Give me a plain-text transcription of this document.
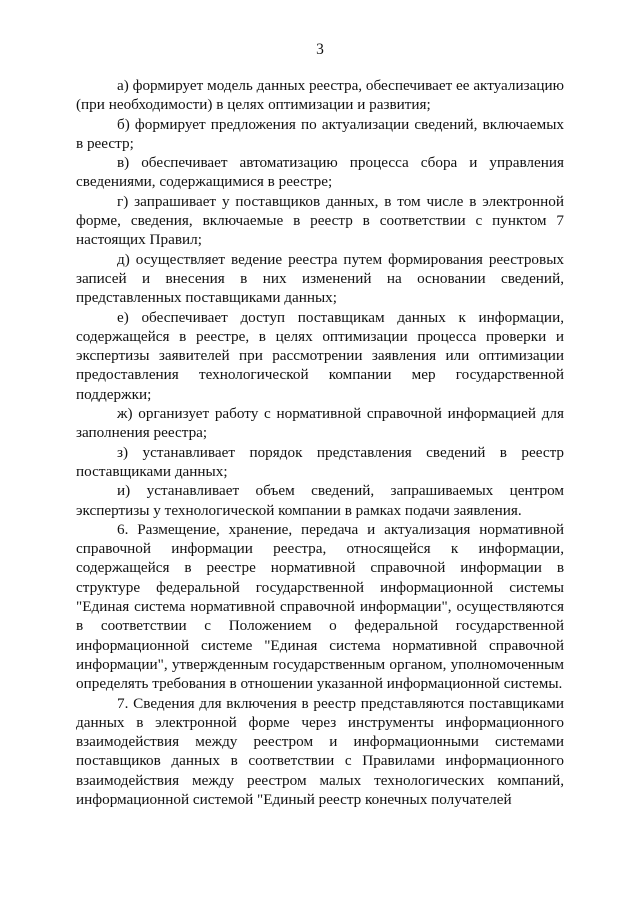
3

а) формирует модель данных реестра, обеспечивает ее актуализацию (при необходимости) в целях оптимизации и развития;

б) формирует предложения по актуализации сведений, включаемых в реестр;

в) обеспечивает автоматизацию процесса сбора и управления сведениями, содержащимися в реестре;

г) запрашивает у поставщиков данных, в том числе в электронной форме, сведения, включаемые в реестр в соответствии с пунктом 7 настоящих Правил;

д) осуществляет ведение реестра путем формирования реестровых записей и внесения в них изменений на основании сведений, представленных поставщиками данных;

е) обеспечивает доступ поставщикам данных к информации, содержащейся в реестре, в целях оптимизации процесса проверки и экспертизы заявителей при рассмотрении заявления или оптимизации предоставления технологической компании мер государственной поддержки;

ж) организует работу с нормативной справочной информацией для заполнения реестра;

з) устанавливает порядок представления сведений в реестр поставщиками данных;

и) устанавливает объем сведений, запрашиваемых центром экспертизы у технологической компании в рамках подачи заявления.

6. Размещение, хранение, передача и актуализация нормативной справочной информации реестра, относящейся к информации, содержащейся в реестре нормативной справочной информации в структуре федеральной государственной информационной системы "Единая система нормативной справочной информации", осуществляются в соответствии с Положением о федеральной государственной информационной системе "Единая система нормативной справочной информации", утвержденным государственным органом, уполномоченным определять требования в отношении указанной информационной системы.

7. Сведения для включения в реестр представляются поставщиками данных в электронной форме через инструменты информационного взаимодействия между реестром и информационными системами поставщиков данных в соответствии с Правилами информационного взаимодействия между реестром малых технологических компаний, информационной системой "Единый реестр конечных получателей
